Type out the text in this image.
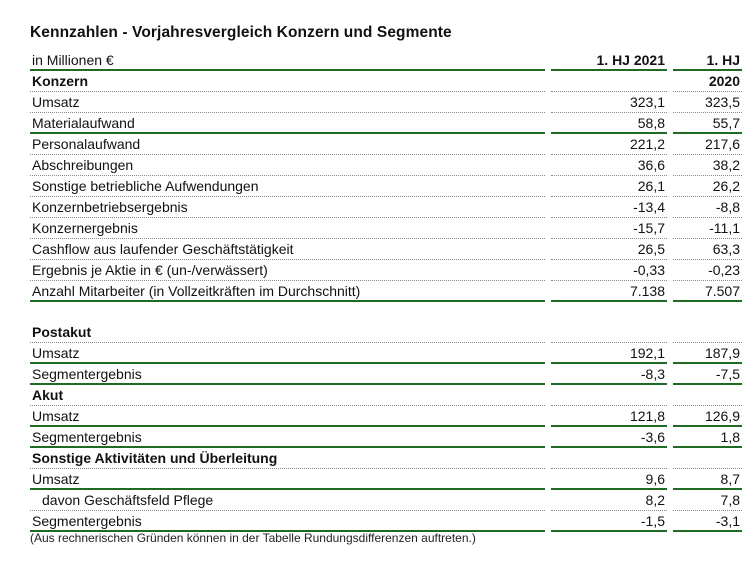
Kennzahlen - Vorjahresvergleich Konzern und Segmente
in Millionen €	1. HJ 2021	1. HJ 2020
Konzern
Umsatz	323,1	323,5
Materialaufwand	58,8	55,7
Personalaufwand	221,2	217,6
Abschreibungen	36,6	38,2
Sonstige betriebliche Aufwendungen	26,1	26,2
Konzernbetriebsergebnis	-13,4	-8,8
Konzernergebnis	-15,7	-11,1
Cashflow aus laufender Geschäftstätigkeit	26,5	63,3
Ergebnis je Aktie in € (un-/verwässert)	-0,33	-0,23
Anzahl Mitarbeiter (in Vollzeitkräften im Durchschnitt)	7.138	7.507
Postakut
Umsatz	192,1	187,9
Segmentergebnis	-8,3	-7,5
Akut
Umsatz	121,8	126,9
Segmentergebnis	-3,6	1,8
Sonstige Aktivitäten und Überleitung
Umsatz	9,6	8,7
davon Geschäftsfeld Pflege	8,2	7,8
Segmentergebnis	-1,5	-3,1
(Aus rechnerischen Gründen können in der Tabelle Rundungsdifferenzen auftreten.)
